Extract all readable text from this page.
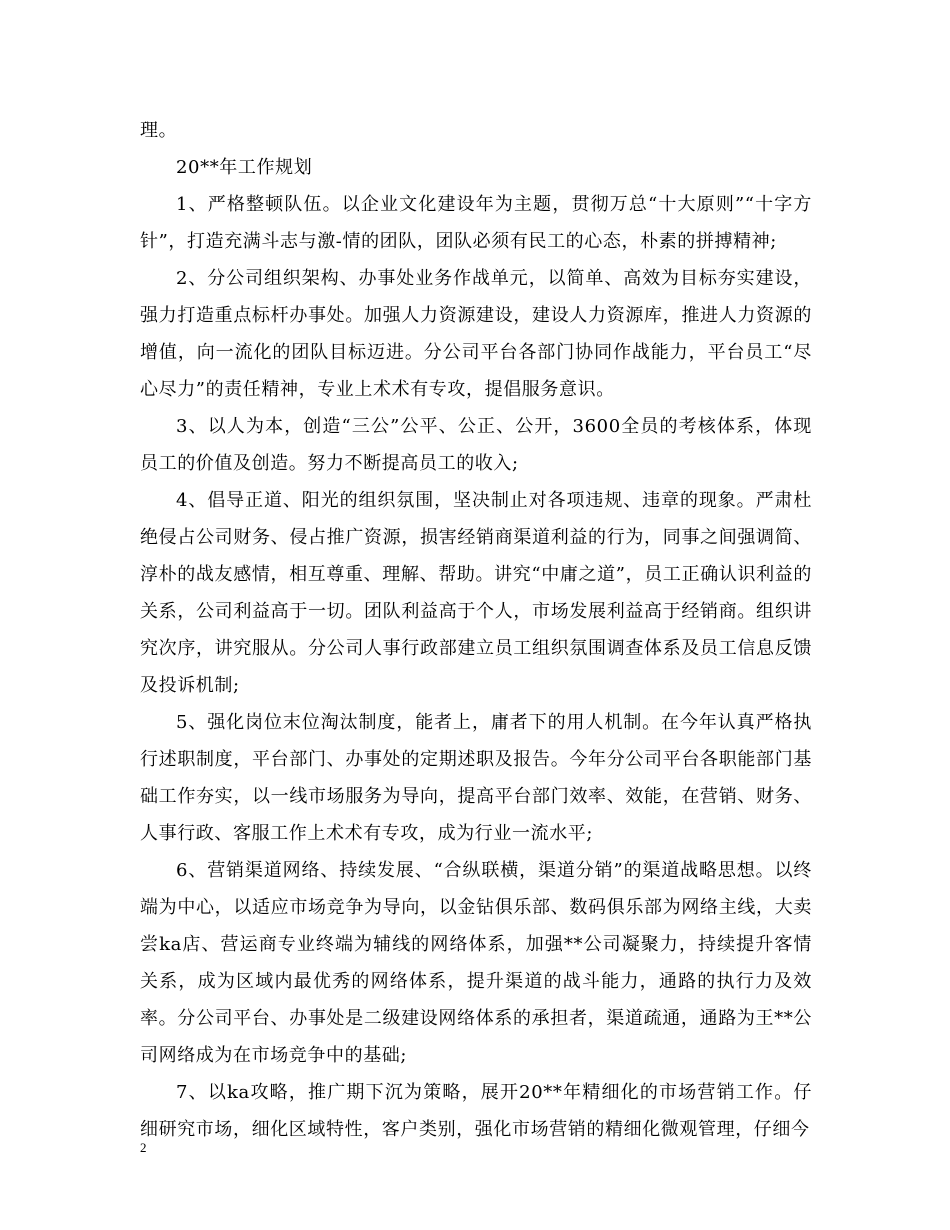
理。

20**年工作规划

1、严格整顿队伍。以企业文化建设年为主题，贯彻万总“十大原则”“十字方针”，打造充满斗志与激-情的团队，团队必须有民工的心态，朴素的拼搏精神;

2、分公司组织架构、办事处业务作战单元，以简单、高效为目标夯实建设，强力打造重点标杆办事处。加强人力资源建设，建设人力资源库，推进人力资源的增值，向一流化的团队目标迈进。分公司平台各部门协同作战能力，平台员工“尽心尽力”的责任精神，专业上术术有专攻，提倡服务意识。

3、以人为本，创造“三公”公平、公正、公开，3600全员的考核体系，体现员工的价值及创造。努力不断提高员工的收入;

4、倡导正道、阳光的组织氛围，坚决制止对各项违规、违章的现象。严肃杜绝侵占公司财务、侵占推广资源，损害经销商渠道利益的行为，同事之间强调简、淳朴的战友感情，相互尊重、理解、帮助。讲究“中庸之道”，员工正确认识利益的关系，公司利益高于一切。团队利益高于个人，市场发展利益高于经销商。组织讲究次序，讲究服从。分公司人事行政部建立员工组织氛围调查体系及员工信息反馈及投诉机制;

5、强化岗位末位淘汰制度，能者上，庸者下的用人机制。在今年认真严格执行述职制度，平台部门、办事处的定期述职及报告。今年分公司平台各职能部门基础工作夯实，以一线市场服务为导向，提高平台部门效率、效能，在营销、财务、人事行政、客服工作上术术有专攻，成为行业一流水平;

6、营销渠道网络、持续发展、“合纵联横，渠道分销”的渠道战略思想。以终端为中心，以适应市场竞争为导向，以金钻俱乐部、数码俱乐部为网络主线，大卖尝ka店、营运商专业终端为辅线的网络体系，加强**公司凝聚力，持续提升客情关系，成为区域内最优秀的网络体系，提升渠道的战斗能力，通路的执行力及效率。分公司平台、办事处是二级建设网络体系的承担者，渠道疏通，通路为王**公司网络成为在市场竞争中的基础;

7、以ka攻略，推广期下沉为策略，展开20**年精细化的市场营销工作。仔细研究市场，细化区域特性，客户类别，强化市场营销的精细化微观管理，仔细今

2
